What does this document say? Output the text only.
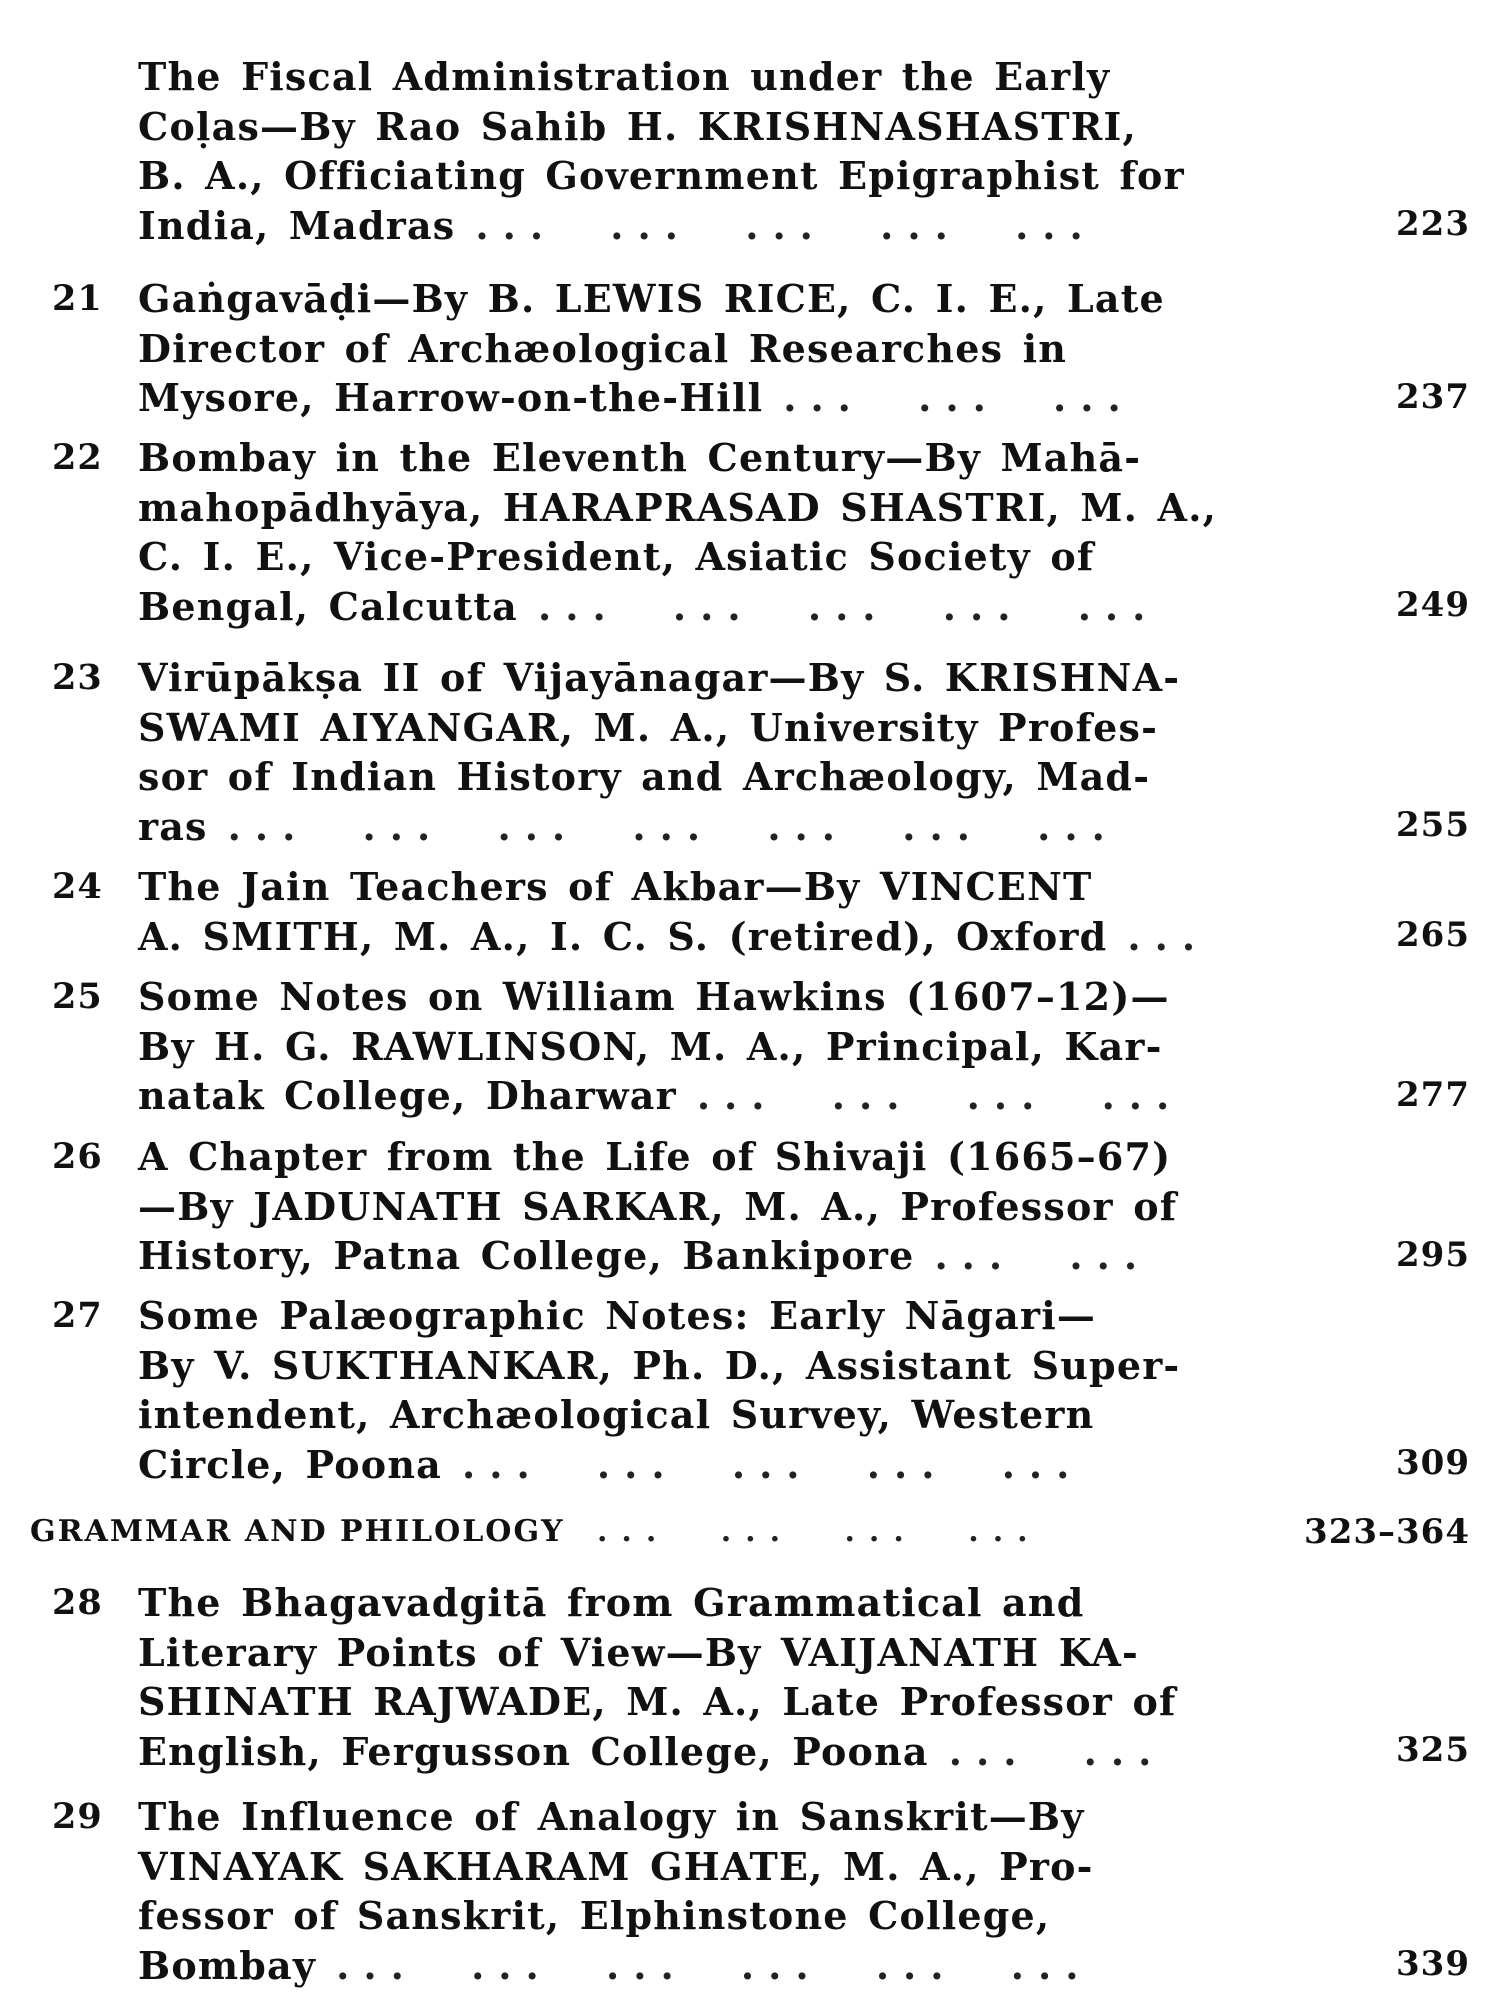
The Fiscal Administration under the Early
Coḷas—By Rao Sahib H. KRISHNASHASTRI,
B. A., Officiating Government Epigraphist for
India, Madras ... ... ... ... ...	223
21 Gaṅgavāḍi—By B. LEWIS RICE, C. I. E., Late
Director of Archæological Researches in
Mysore, Harrow-on-the-Hill ... ... ...	237
22 Bombay in the Eleventh Century—By Mahā-
mahopādhyāya, HARAPRASAD SHASTRI, M. A.,
C. I. E., Vice-President, Asiatic Society of
Bengal, Calcutta ... ... ... ... ...	249
23 Virūpākṣa II of Vijayānagar—By S. KRISHNA-
SWAMI AIYANGAR, M. A., University Profes-
sor of Indian History and Archæology, Mad-
ras ... ... ... ... ... ... ...	255
24 The Jain Teachers of Akbar—By VINCENT
A. SMITH, M. A., I. C. S. (retired), Oxford ...	265
25 Some Notes on William Hawkins (1607–12)—
By H. G. RAWLINSON, M. A., Principal, Kar-
natak College, Dharwar ... ... ... ...	277
26 A Chapter from the Life of Shivaji (1665–67)
—By JADUNATH SARKAR, M. A., Professor of
History, Patna College, Bankipore ... ...	295
27 Some Palæographic Notes: Early Nāgari—
By V. SUKTHANKAR, Ph. D., Assistant Super-
intendent, Archæological Survey, Western
Circle, Poona ... ... ... ... ...	309
GRAMMAR AND PHILOLOGY ... ... ... ...	323–364
28 The Bhagavadgitā from Grammatical and
Literary Points of View—By VAIJANATH KA-
SHINATH RAJWADE, M. A., Late Professor of
English, Fergusson College, Poona ... ...	325
29 The Influence of Analogy in Sanskrit—By
VINAYAK SAKHARAM GHATE, M. A., Pro-
fessor of Sanskrit, Elphinstone College,
Bombay ... ... ... ... ... ...	339
